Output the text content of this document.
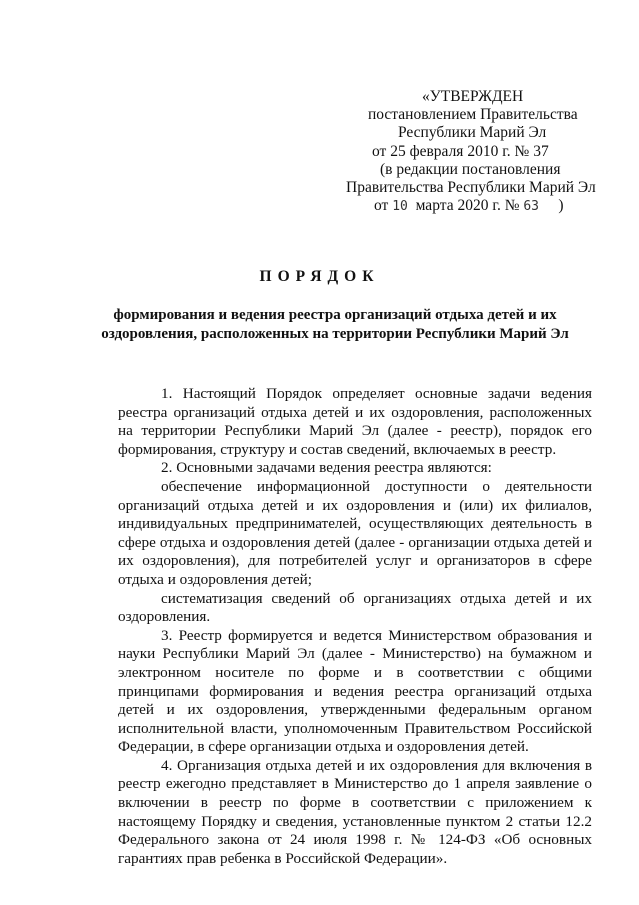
«УТВЕРЖДЕН
постановлением Правительства
Республики Марий Эл
от 25 февраля 2010 г. № 37
(в редакции постановления
Правительства Республики Марий Эл
от 10 марта 2020 г. № 63 )
ПОРЯДОК
формирования и ведения реестра организаций отдыха детей и их оздоровления, расположенных на территории Республики Марий Эл

1. Настоящий Порядок определяет основные задачи ведения реестра организаций отдыха детей и их оздоровления, расположенных на территории Республики Марий Эл (далее - реестр), порядок его формирования, структуру и состав сведений, включаемых в реестр.

2. Основными задачами ведения реестра являются:

обеспечение информационной доступности о деятельности организаций отдыха детей и их оздоровления и (или) их филиалов, индивидуальных предпринимателей, осуществляющих деятельность в сфере отдыха и оздоровления детей (далее - организации отдыха детей и их оздоровления), для потребителей услуг и организаторов в сфере отдыха и оздоровления детей;

систематизация сведений об организациях отдыха детей и их оздоровления.

3. Реестр формируется и ведется Министерством образования и науки Республики Марий Эл (далее - Министерство) на бумажном и электронном носителе по форме и в соответствии с общими принципами формирования и ведения реестра организаций отдыха детей и их оздоровления, утвержденными федеральным органом исполнительной власти, уполномоченным Правительством Российской Федерации, в сфере организации отдыха и оздоровления детей.

4. Организация отдыха детей и их оздоровления для включения в реестр ежегодно представляет в Министерство до 1 апреля заявление о включении в реестр по форме в соответствии с приложением к настоящему Порядку и сведения, установленные пунктом 2 статьи 12.2 Федерального закона от 24 июля 1998 г. № 124-ФЗ «Об основных гарантиях прав ребенка в Российской Федерации».
